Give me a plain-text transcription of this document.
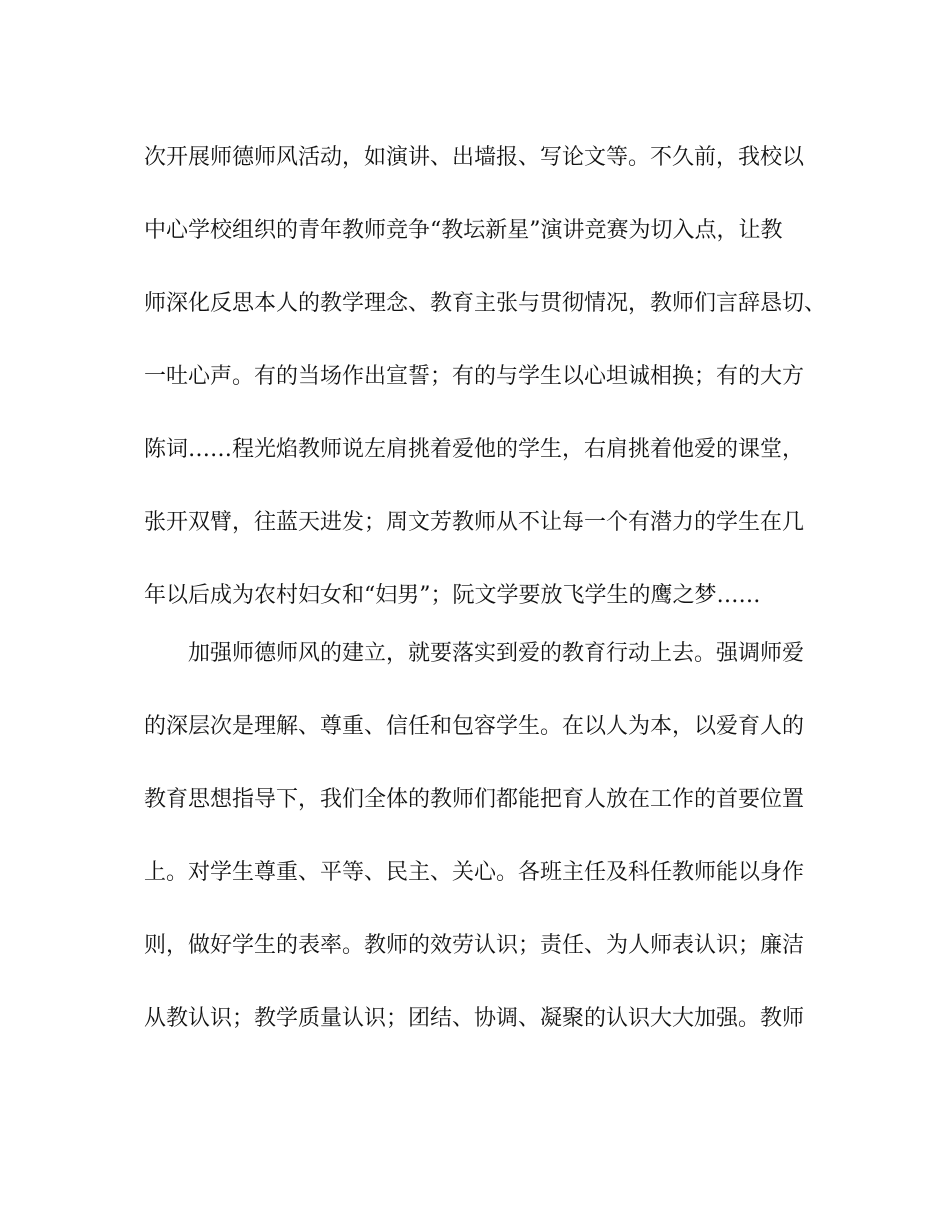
次开展师德师风活动，如演讲、出墙报、写论文等。不久前，我校以
中心学校组织的青年教师竞争“教坛新星”演讲竞赛为切入点，让教
师深化反思本人的教学理念、教育主张与贯彻情况，教师们言辞恳切、
一吐心声。有的当场作出宣誓；有的与学生以心坦诚相换；有的大方
陈词……程光焰教师说左肩挑着爱他的学生，右肩挑着他爱的课堂，
张开双臂，往蓝天进发；周文芳教师从不让每一个有潜力的学生在几
年以后成为农村妇女和“妇男”；阮文学要放飞学生的鹰之梦……
加强师德师风的建立，就要落实到爱的教育行动上去。强调师爱
的深层次是理解、尊重、信任和包容学生。在以人为本，以爱育人的
教育思想指导下，我们全体的教师们都能把育人放在工作的首要位置
上。对学生尊重、平等、民主、关心。各班主任及科任教师能以身作
则，做好学生的表率。教师的效劳认识；责任、为人师表认识；廉洁
从教认识；教学质量认识；团结、协调、凝聚的认识大大加强。教师
